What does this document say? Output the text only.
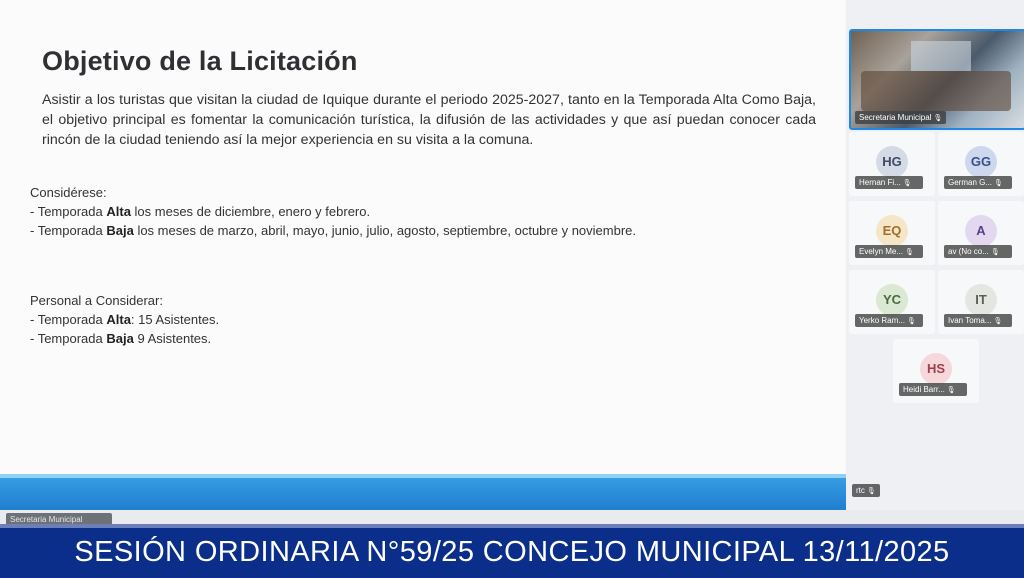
Objetivo de la Licitación
Asistir a los turistas que visitan la ciudad de Iquique durante el periodo 2025-2027, tanto en la Temporada Alta Como Baja, el objetivo principal es fomentar la comunicación turística, la difusión de las actividades y que así puedan conocer cada rincón de la ciudad teniendo así la mejor experiencia en su visita a la comuna.
Considérese:
- Temporada Alta los meses de diciembre, enero y febrero.
- Temporada Baja los meses de marzo, abril, mayo, junio, julio, agosto, septiembre, octubre y noviembre.
Personal a Considerar:
- Temporada Alta: 15 Asistentes.
- Temporada Baja 9 Asistentes.
Secretaria Municipal 🎙
HG
Hernan Fi... 🎙
GG
German G... 🎙
EQ
Evelyn Me... 🎙
A
av (No co... 🎙
YC
Yerko Ram... 🎙
IT
Ivan Toma... 🎙
HS
Heidi Barr... 🎙
rtc 🎙
Secretaria Municipal
SESIÓN ORDINARIA N°59/25 CONCEJO MUNICIPAL 13/11/2025
